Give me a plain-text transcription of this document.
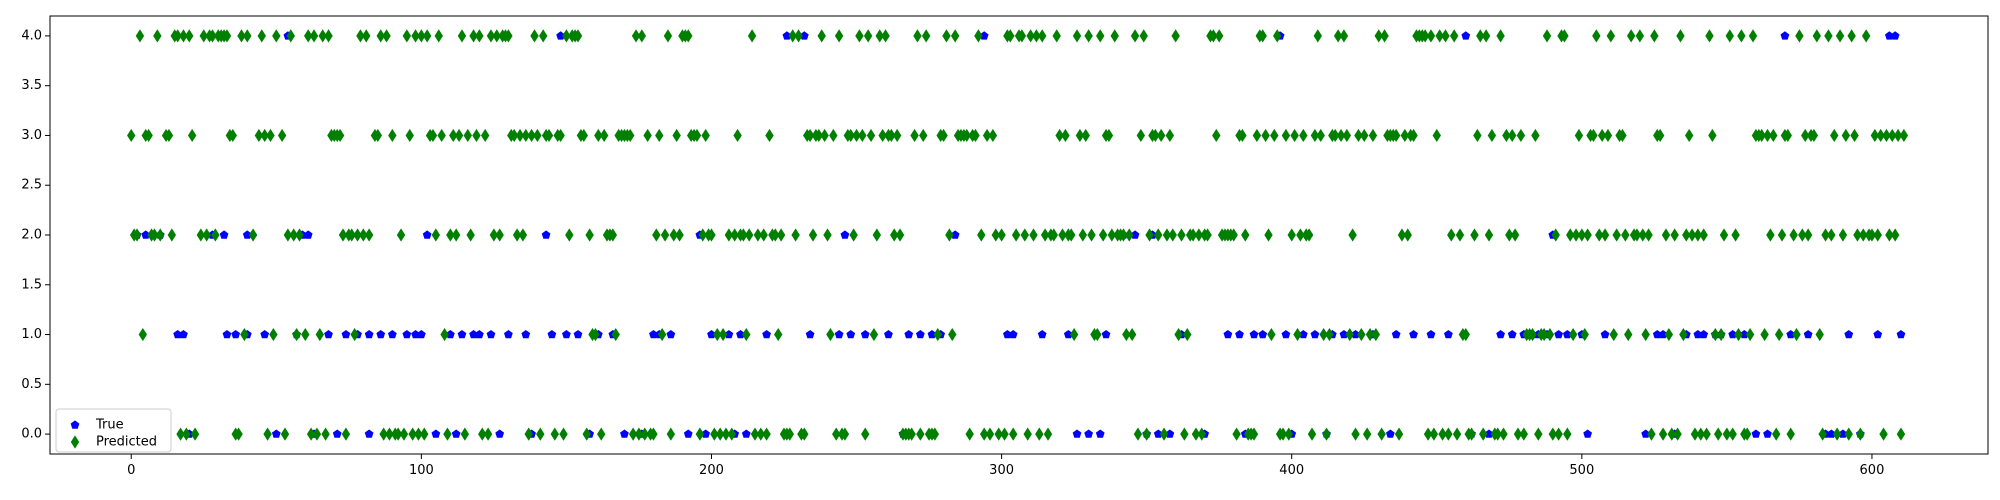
0	100	200	300	400	500	600
0.0
0.5
1.0
1.5
2.0
2.5
3.0
3.5
4.0
True
Predicted
